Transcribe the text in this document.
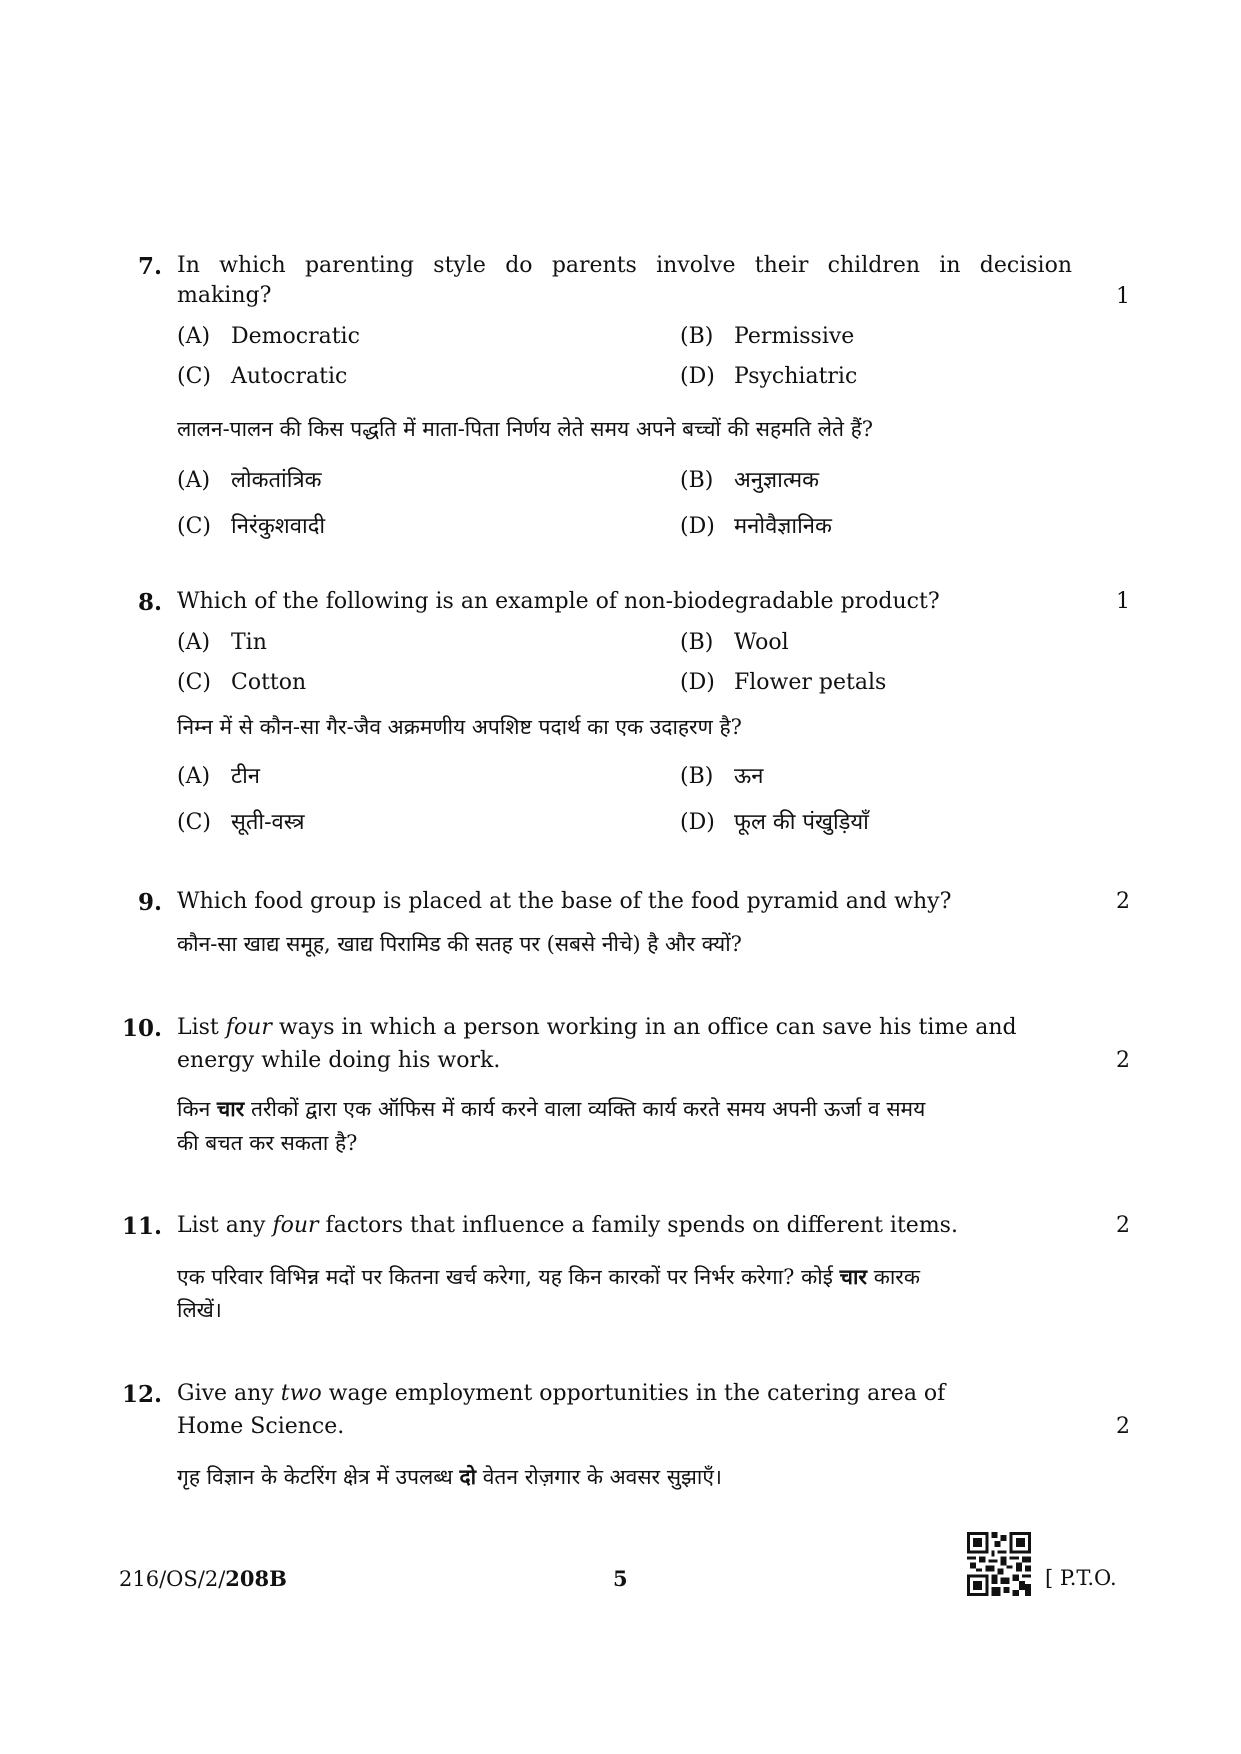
7. In which parenting style do parents involve their children in decision
making?	1
(A) Democratic	(B) Permissive
(C) Autocratic	(D) Psychiatric
लालन-पालन की किस पद्धति में माता-पिता निर्णय लेते समय अपने बच्चों की सहमति लेते हैं?
(A) लोकतांत्रिक	(B) अनुज्ञात्मक
(C) निरंकुशवादी	(D) मनोवैज्ञानिक
8. Which of the following is an example of non-biodegradable product?	1
(A) Tin	(B) Wool
(C) Cotton	(D) Flower petals
निम्न में से कौन-सा गैर-जैव अक्रमणीय अपशिष्ट पदार्थ का एक उदाहरण है?
(A) टीन	(B) ऊन
(C) सूती-वस्त्र	(D) फूल की पंखुड़ियाँ
9. Which food group is placed at the base of the food pyramid and why?	2
कौन-सा खाद्य समूह, खाद्य पिरामिड की सतह पर (सबसे नीचे) है और क्यों?
10. List four ways in which a person working in an office can save his time and
energy while doing his work.	2
किन चार तरीकों द्वारा एक ऑफिस में कार्य करने वाला व्यक्ति कार्य करते समय अपनी ऊर्जा व समय
की बचत कर सकता है?
11. List any four factors that influence a family spends on different items.	2
एक परिवार विभिन्न मदों पर कितना खर्च करेगा, यह किन कारकों पर निर्भर करेगा? कोई चार कारक
लिखें।
12. Give any two wage employment opportunities in the catering area of
Home Science.	2
गृह विज्ञान के केटरिंग क्षेत्र में उपलब्ध दो वेतन रोज़गार के अवसर सुझाएँ।
216/OS/2/208B	5	[ P.T.O.
